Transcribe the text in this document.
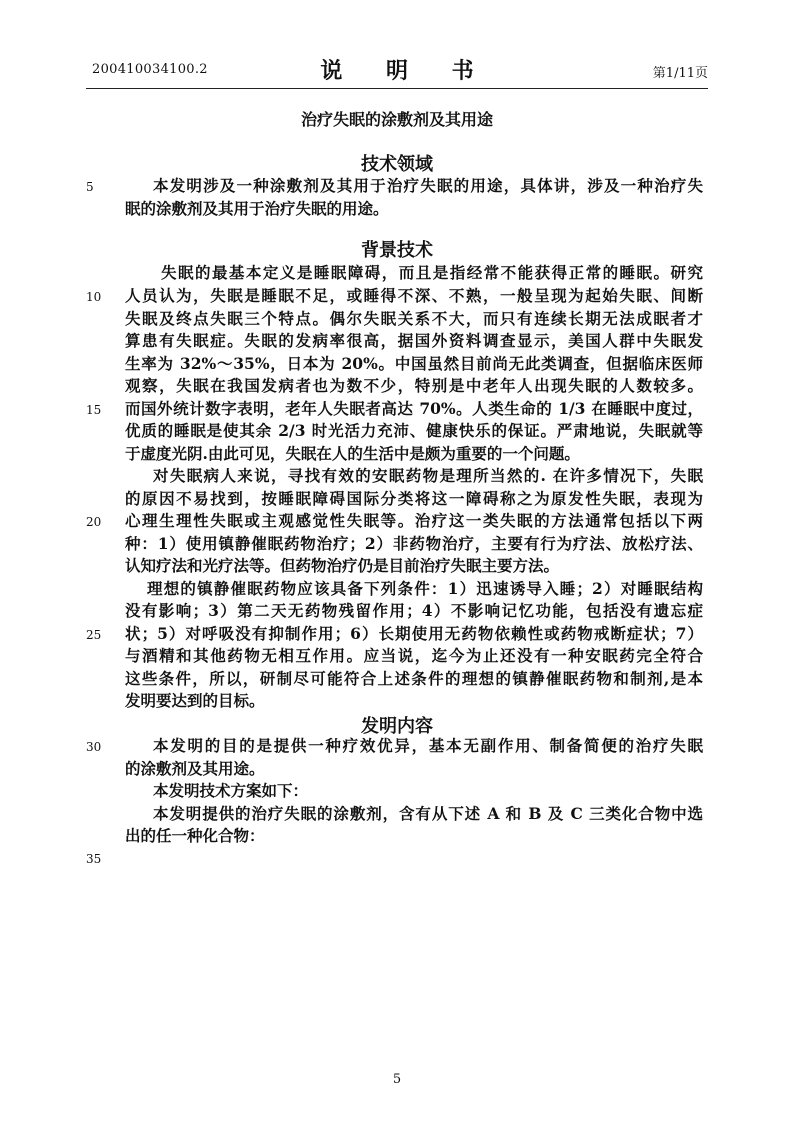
200410034100.2	说 明 书	第1/11页
治疗失眠的涂敷剂及其用途
技术领域
5	本发明涉及一种涂敷剂及其用于治疗失眠的用途，具体讲，涉及一种治疗失
眠的涂敷剂及其用于治疗失眠的用途。
背景技术
失眠的最基本定义是睡眠障碍，而且是指经常不能获得正常的睡眠。研究
10	人员认为，失眠是睡眠不足，或睡得不深、不熟，一般呈现为起始失眠、间断
失眠及终点失眠三个特点。偶尔失眠关系不大，而只有连续长期无法成眠者才
算患有失眠症。失眠的发病率很高，据国外资料调查显示，美国人群中失眠发
生率为 32%～35%，日本为 20%。中国虽然目前尚无此类调查，但据临床医师
观察，失眠在我国发病者也为数不少，特别是中老年人出现失眠的人数较多。
15	而国外统计数字表明，老年人失眠者高达 70%。人类生命的 1/3 在睡眠中度过，
优质的睡眠是使其余 2/3 时光活力充沛、健康快乐的保证。严肃地说，失眠就等
于虚度光阴.由此可见，失眠在人的生活中是颇为重要的一个问题。
对失眠病人来说，寻找有效的安眠药物是理所当然的. 在许多情况下，失眠
的原因不易找到，按睡眠障碍国际分类将这一障碍称之为原发性失眠，表现为
20	心理生理性失眠或主观感觉性失眠等。治疗这一类失眠的方法通常包括以下两
种：1）使用镇静催眠药物治疗；2）非药物治疗，主要有行为疗法、放松疗法、
认知疗法和光疗法等。但药物治疗仍是目前治疗失眠主要方法。
理想的镇静催眠药物应该具备下列条件：1）迅速诱导入睡；2）对睡眠结构
没有影响；3）第二天无药物残留作用；4）不影响记忆功能，包括没有遗忘症
25	状；5）对呼吸没有抑制作用；6）长期使用无药物依赖性或药物戒断症状；7）
与酒精和其他药物无相互作用。应当说，迄今为止还没有一种安眠药完全符合
这些条件，所以，研制尽可能符合上述条件的理想的镇静催眠药物和制剂,是本
发明要达到的目标。
发明内容
30	本发明的目的是提供一种疗效优异，基本无副作用、制备简便的治疗失眠
的涂敷剂及其用途。
本发明技术方案如下：
本发明提供的治疗失眠的涂敷剂，含有从下述 A 和 B 及 C 三类化合物中选
出的任一种化合物：
35
5
